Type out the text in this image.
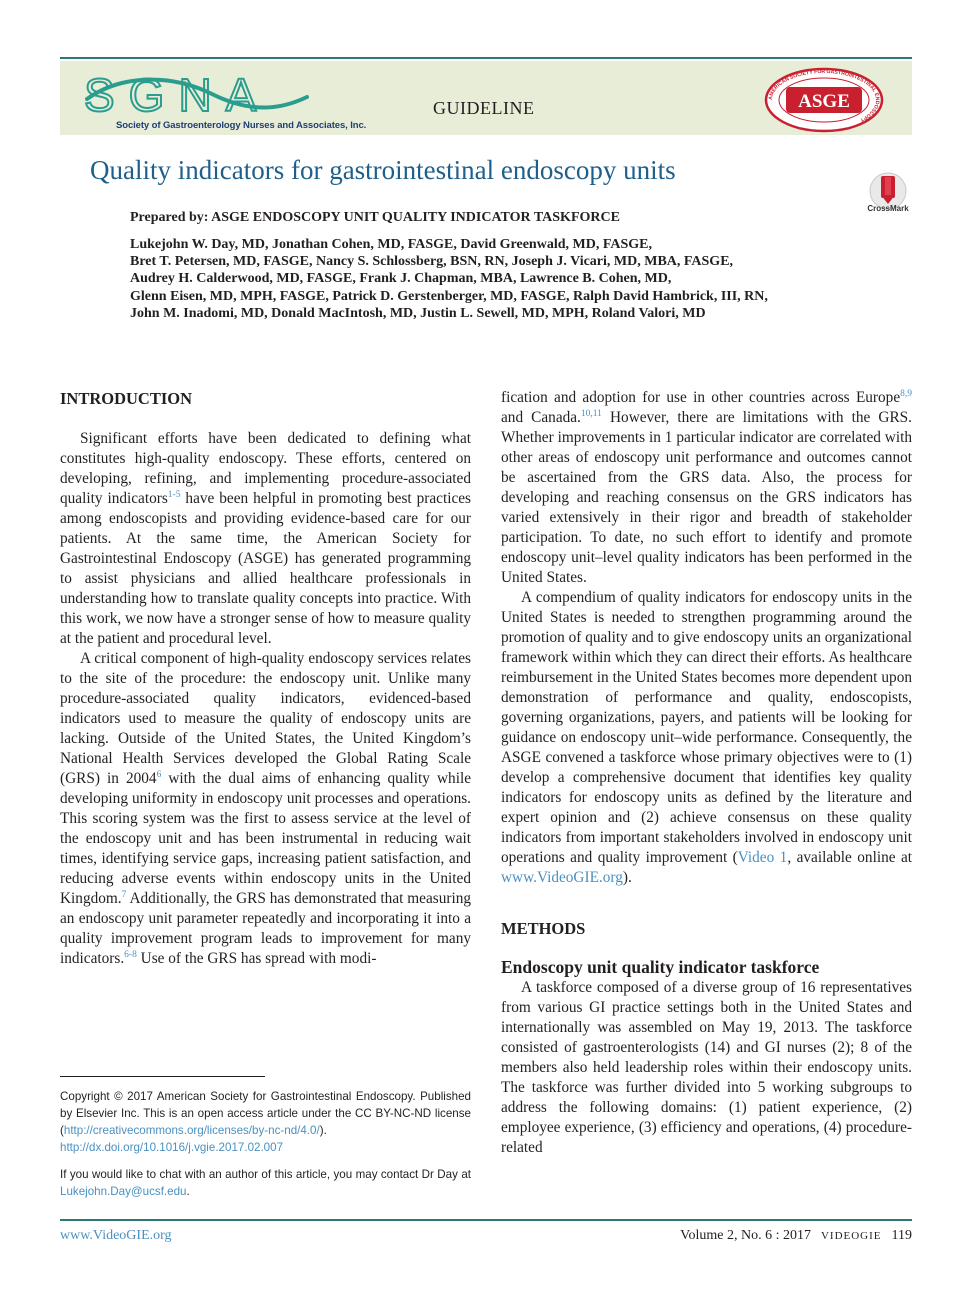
SGNA
Society of Gastroenterology Nurses and Associates, Inc.
GUIDELINE	ASGE
AMERICAN SOCIETY FOR GASTROINTESTINAL ENDOSCOPY
Quality indicators for gastrointestinal endoscopy units
CrossMark
Prepared by: ASGE ENDOSCOPY UNIT QUALITY INDICATOR TASKFORCE
Lukejohn W. Day, MD, Jonathan Cohen, MD, FASGE, David Greenwald, MD, FASGE,
Bret T. Petersen, MD, FASGE, Nancy S. Schlossberg, BSN, RN, Joseph J. Vicari, MD, MBA, FASGE,
Audrey H. Calderwood, MD, FASGE, Frank J. Chapman, MBA, Lawrence B. Cohen, MD,
Glenn Eisen, MD, MPH, FASGE, Patrick D. Gerstenberger, MD, FASGE, Ralph David Hambrick, III, RN,
John M. Inadomi, MD, Donald MacIntosh, MD, Justin L. Sewell, MD, MPH, Roland Valori, MD
INTRODUCTION

Significant efforts have been dedicated to defining what constitutes high-quality endoscopy. These efforts, centered on developing, refining, and implementing procedure-associated quality indicators$^{1-5}$ have been helpful in promoting best practices among endoscopists and providing evidence-based care for our patients. At the same time, the American Society for Gastrointestinal Endoscopy (ASGE) has generated programming to assist physicians and allied healthcare professionals in understanding how to translate quality concepts into practice. With this work, we now have a stronger sense of how to measure quality at the patient and procedural level.

A critical component of high-quality endoscopy services relates to the site of the procedure: the endoscopy unit. Unlike many procedure-associated quality indicators, evidenced-based indicators used to measure the quality of endoscopy units are lacking. Outside of the United States, the United Kingdom’s National Health Services developed the Global Rating Scale (GRS) in 2004$^6$ with the dual aims of enhancing quality while developing uniformity in endoscopy unit processes and operations. This scoring system was the first to assess service at the level of the endoscopy unit and has been instrumental in reducing wait times, identifying service gaps, increasing patient satisfaction, and reducing adverse events within endoscopy units in the United Kingdom.$^7$ Additionally, the GRS has demonstrated that measuring an endoscopy unit parameter repeatedly and incorporating it into a quality improvement program leads to improvement for many indicators.$^{6-8}$ Use of the GRS has spread with modi-

Copyright © 2017 American Society for Gastrointestinal Endoscopy. Published by Elsevier Inc. This is an open access article under the CC BY-NC-ND license (http://creativecommons.org/licenses/by-nc-nd/4.0/).
http://dx.doi.org/10.1016/j.vgie.2017.02.007
If you would like to chat with an author of this article, you may contact Dr Day at Lukejohn.Day@ucsf.edu.

fication and adoption for use in other countries across Europe$^{8,9}$ and Canada.$^{10,11}$ However, there are limitations with the GRS. Whether improvements in 1 particular indicator are correlated with other areas of endoscopy unit performance and outcomes cannot be ascertained from the GRS data. Also, the process for developing and reaching consensus on the GRS indicators has varied extensively in their rigor and breadth of stakeholder participation. To date, no such effort to identify and promote endoscopy unit–level quality indicators has been performed in the United States.

A compendium of quality indicators for endoscopy units in the United States is needed to strengthen programming around the promotion of quality and to give endoscopy units an organizational framework within which they can direct their efforts. As healthcare reimbursement in the United States becomes more dependent upon demonstration of performance and quality, endoscopists, governing organizations, payers, and patients will be looking for guidance on endoscopy unit–wide performance. Consequently, the ASGE convened a taskforce whose primary objectives were to (1) develop a comprehensive document that identifies key quality indicators for endoscopy units as defined by the literature and expert opinion and (2) achieve consensus on these quality indicators from important stakeholders involved in endoscopy unit operations and quality improvement (Video 1, available online at www.VideoGIE.org).

METHODS
Endoscopy unit quality indicator taskforce

A taskforce composed of a diverse group of 16 representatives from various GI practice settings both in the United States and internationally was assembled on May 19, 2013. The taskforce consisted of gastroenterologists (14) and GI nurses (2); 8 of the members also held leadership roles within their endoscopy units. The taskforce was further divided into 5 working subgroups to address the following domains: (1) patient experience, (2) employee experience, (3) efficiency and operations, (4) procedure-related

www.VideoGIE.org	Volume 2, No. 6 : 2017 VIDEOGIE 119
